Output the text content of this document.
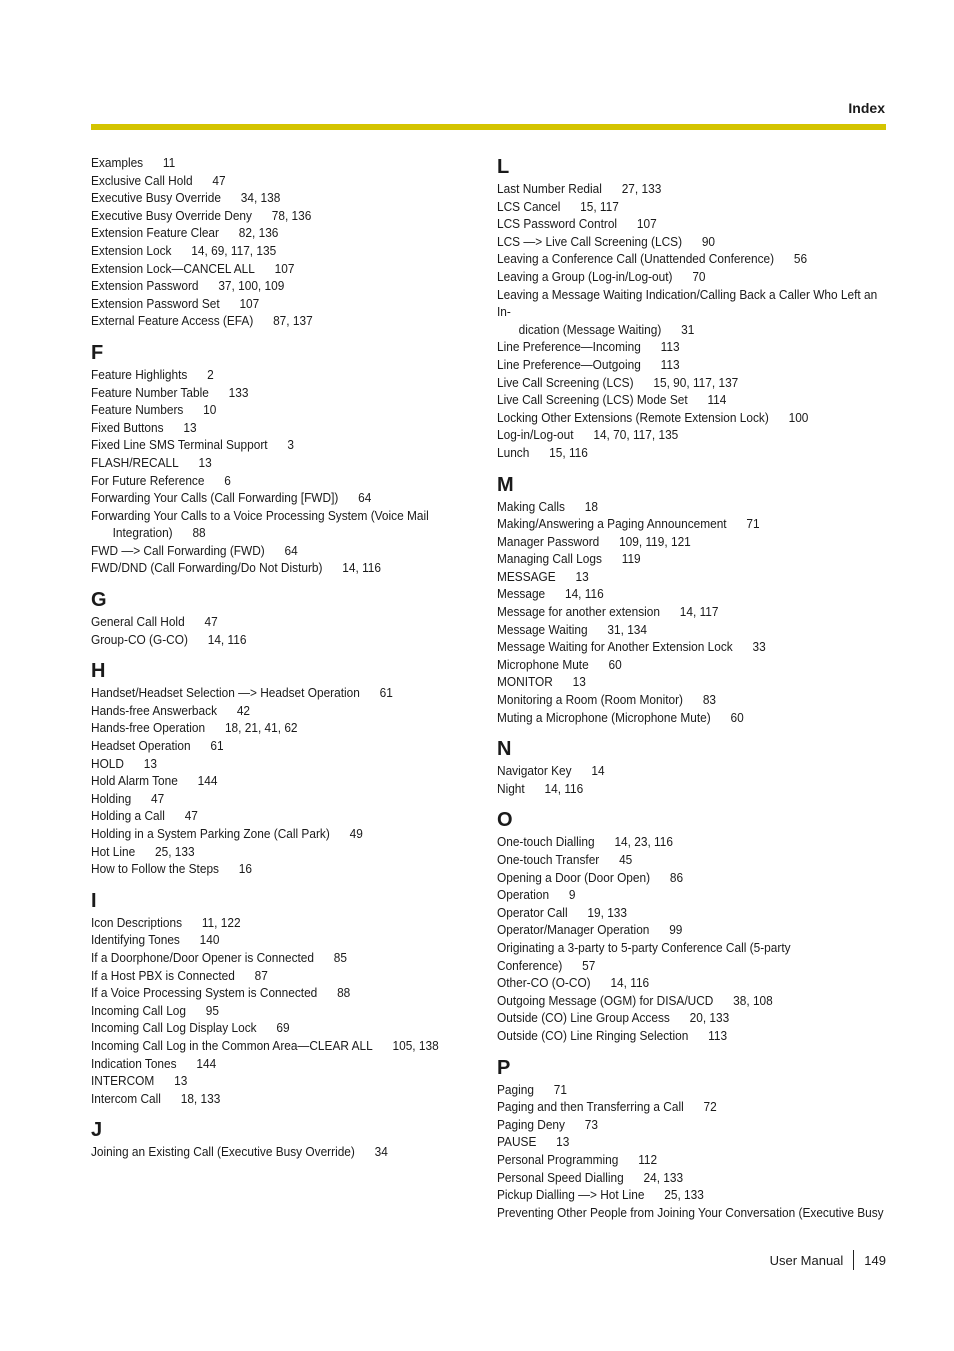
Index
Examples 11
Exclusive Call Hold 47
Executive Busy Override 34, 138
Executive Busy Override Deny 78, 136
Extension Feature Clear 82, 136
Extension Lock 14, 69, 117, 135
Extension Lock—CANCEL ALL 107
Extension Password 37, 100, 109
Extension Password Set 107
External Feature Access (EFA) 87, 137
F
Feature Highlights 2
Feature Number Table 133
Feature Numbers 10
Fixed Buttons 13
Fixed Line SMS Terminal Support 3
FLASH/RECALL 13
For Future Reference 6
Forwarding Your Calls (Call Forwarding [FWD]) 64
Forwarding Your Calls to a Voice Processing System (Voice Mail
Integration) 88
FWD —> Call Forwarding (FWD) 64
FWD/DND (Call Forwarding/Do Not Disturb) 14, 116
G
General Call Hold 47
Group-CO (G-CO) 14, 116
H
Handset/Headset Selection —> Headset Operation 61
Hands-free Answerback 42
Hands-free Operation 18, 21, 41, 62
Headset Operation 61
HOLD 13
Hold Alarm Tone 144
Holding 47
Holding a Call 47
Holding in a System Parking Zone (Call Park) 49
Hot Line 25, 133
How to Follow the Steps 16
I
Icon Descriptions 11, 122
Identifying Tones 140
If a Doorphone/Door Opener is Connected 85
If a Host PBX is Connected 87
If a Voice Processing System is Connected 88
Incoming Call Log 95
Incoming Call Log Display Lock 69
Incoming Call Log in the Common Area—CLEAR ALL 105, 138
Indication Tones 144
INTERCOM 13
Intercom Call 18, 133
J
Joining an Existing Call (Executive Busy Override) 34
L
Last Number Redial 27, 133
LCS Cancel 15, 117
LCS Password Control 107
LCS —> Live Call Screening (LCS) 90
Leaving a Conference Call (Unattended Conference) 56
Leaving a Group (Log-in/Log-out) 70
Leaving a Message Waiting Indication/Calling Back a Caller Who Left an In-
dication (Message Waiting) 31
Line Preference—Incoming 113
Line Preference—Outgoing 113
Live Call Screening (LCS) 15, 90, 117, 137
Live Call Screening (LCS) Mode Set 114
Locking Other Extensions (Remote Extension Lock) 100
Log-in/Log-out 14, 70, 117, 135
Lunch 15, 116
M
Making Calls 18
Making/Answering a Paging Announcement 71
Manager Password 109, 119, 121
Managing Call Logs 119
MESSAGE 13
Message 14, 116
Message for another extension 14, 117
Message Waiting 31, 134
Message Waiting for Another Extension Lock 33
Microphone Mute 60
MONITOR 13
Monitoring a Room (Room Monitor) 83
Muting a Microphone (Microphone Mute) 60
N
Navigator Key 14
Night 14, 116
O
One-touch Dialling 14, 23, 116
One-touch Transfer 45
Opening a Door (Door Open) 86
Operation 9
Operator Call 19, 133
Operator/Manager Operation 99
Originating a 3-party to 5-party Conference Call (5-party Conference) 57
Other-CO (O-CO) 14, 116
Outgoing Message (OGM) for DISA/UCD 38, 108
Outside (CO) Line Group Access 20, 133
Outside (CO) Line Ringing Selection 113
P
Paging 71
Paging and then Transferring a Call 72
Paging Deny 73
PAUSE 13
Personal Programming 112
Personal Speed Dialling 24, 133
Pickup Dialling —> Hot Line 25, 133
Preventing Other People from Joining Your Conversation (Executive Busy
User Manual 149
